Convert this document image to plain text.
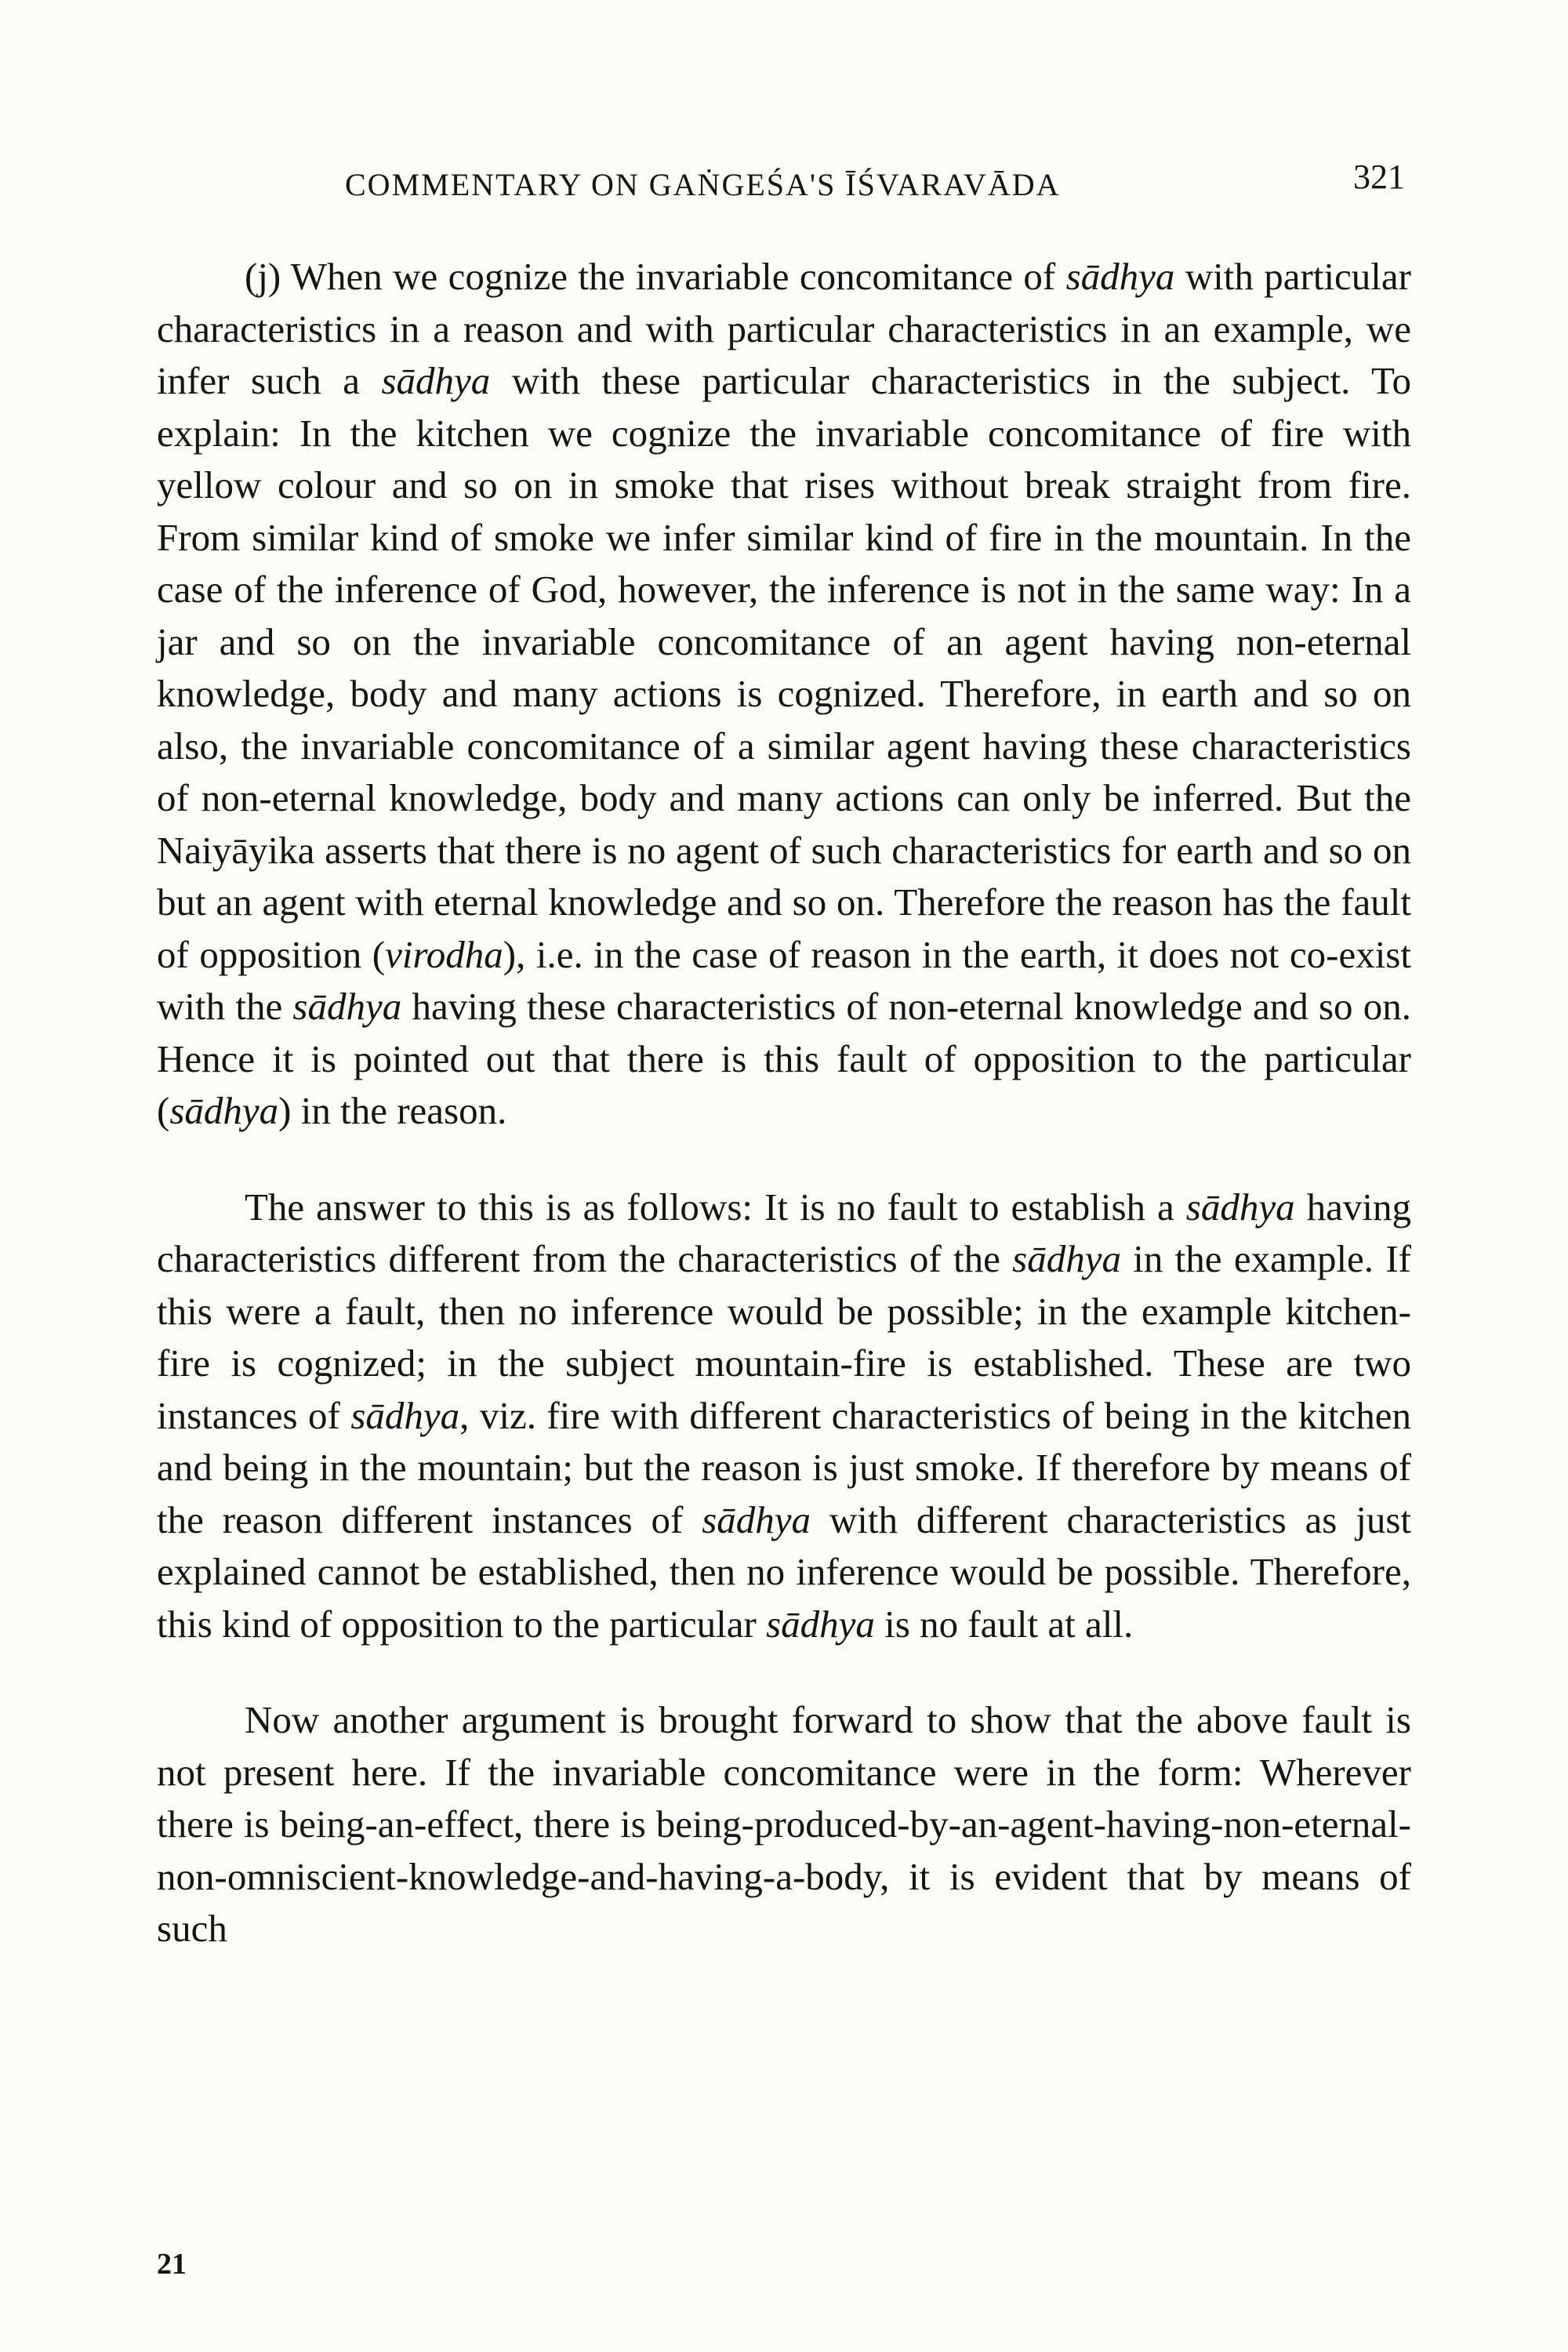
COMMENTARY ON GAṄGEŚA'S ĪŚVARAVĀDA	321

(j) When we cognize the invariable concomitance of sādhya with particular characteristics in a reason and with particular characteristics in an example, we infer such a sādhya with these particular characteristics in the subject. To explain: In the kitchen we cognize the invariable concomitance of fire with yellow colour and so on in smoke that rises without break straight from fire. From similar kind of smoke we infer similar kind of fire in the mountain. In the case of the inference of God, however, the inference is not in the same way: In a jar and so on the invariable concomitance of an agent having non-eternal knowledge, body and many actions is cognized. Therefore, in earth and so on also, the invariable concomitance of a similar agent having these characteristics of non-eternal knowledge, body and many actions can only be inferred. But the Naiyāyika asserts that there is no agent of such characteristics for earth and so on but an agent with eternal knowledge and so on. Therefore the reason has the fault of opposition (virodha), i.e. in the case of reason in the earth, it does not co-exist with the sādhya having these characteristics of non-eternal knowledge and so on. Hence it is pointed out that there is this fault of opposition to the particular (sādhya) in the reason.

The answer to this is as follows: It is no fault to establish a sādhya having characteristics different from the characteristics of the sādhya in the example. If this were a fault, then no inference would be possible; in the example kitchen-fire is cognized; in the subject mountain-fire is established. These are two instances of sādhya, viz. fire with different characteristics of being in the kitchen and being in the mountain; but the reason is just smoke. If therefore by means of the reason different instances of sādhya with different characteristics as just explained cannot be established, then no inference would be possible. Therefore, this kind of opposition to the particular sādhya is no fault at all.

Now another argument is brought forward to show that the above fault is not present here. If the invariable concomitance were in the form: Wherever there is being-an-effect, there is being-produced-by-an-agent-having-non-eternal-non-omniscient-knowledge-and-having-a-body, it is evident that by means of such

21
